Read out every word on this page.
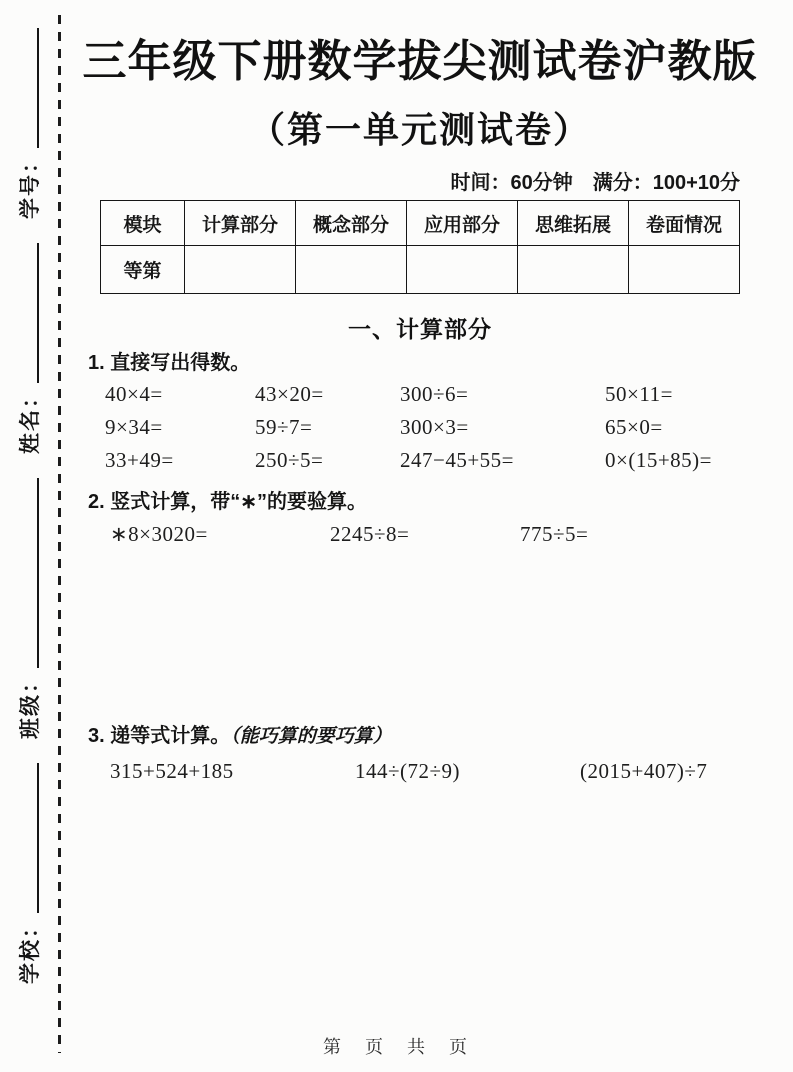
学校：
班级：
姓名：
学号：
三年级下册数学拔尖测试卷沪教版
（第一单元测试卷）
时间：60分钟　满分：100+10分
模块	计算部分	概念部分	应用部分	思维拓展	卷面情况
等第					
一、计算部分
1. 直接写出得数。
40×4=	43×20=	300÷6=	50×11=
9×34=	59÷7=	300×3=	65×0=
33+49=	250÷5=	247−45+55=	0×(15+85)=
2. 竖式计算，带“∗”的要验算。
∗8×3020=	2245÷8=	775÷5=
3. 递等式计算。（能巧算的要巧算）
315+524+185	144÷(72÷9)	(2015+407)÷7
第　页　共　页
